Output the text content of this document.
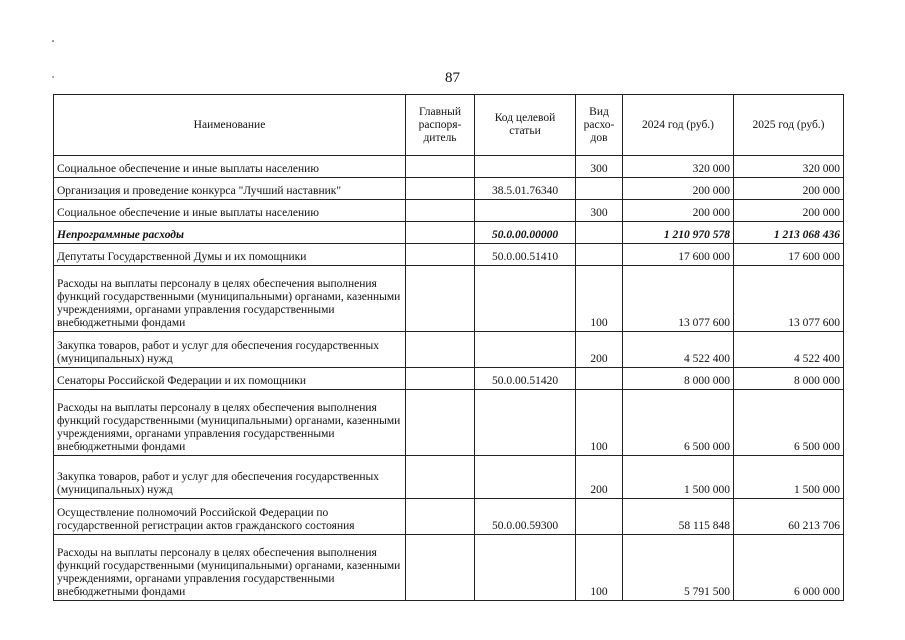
87
Наименование	Главный распоря-дитель	Код целевой статьи	Вид расхо-дов	2024 год (руб.)	2025 год (руб.)
Социальное обеспечение и иные выплаты населению			300	320 000	320 000
Организация и проведение конкурса "Лучший наставник"		38.5.01.76340		200 000	200 000
Социальное обеспечение и иные выплаты населению			300	200 000	200 000
Непрограммные расходы		50.0.00.00000		1 210 970 578	1 213 068 436
Депутаты Государственной Думы и их помощники		50.0.00.51410		17 600 000	17 600 000
Расходы на выплаты персоналу в целях обеспечения выполнения функций государственными (муниципальными) органами, казенными учреждениями, органами управления государственными внебюджетными фондами			100	13 077 600	13 077 600
Закупка товаров, работ и услуг для обеспечения государственных (муниципальных) нужд			200	4 522 400	4 522 400
Сенаторы Российской Федерации и их помощники		50.0.00.51420		8 000 000	8 000 000
Расходы на выплаты персоналу в целях обеспечения выполнения функций государственными (муниципальными) органами, казенными учреждениями, органами управления государственными внебюджетными фондами			100	6 500 000	6 500 000
Закупка товаров, работ и услуг для обеспечения государственных (муниципальных) нужд			200	1 500 000	1 500 000
Осуществление полномочий Российской Федерации по государственной регистрации актов гражданского состояния		50.0.00.59300		58 115 848	60 213 706
Расходы на выплаты персоналу в целях обеспечения выполнения функций государственными (муниципальными) органами, казенными учреждениями, органами управления государственными внебюджетными фондами			100	5 791 500	6 000 000
